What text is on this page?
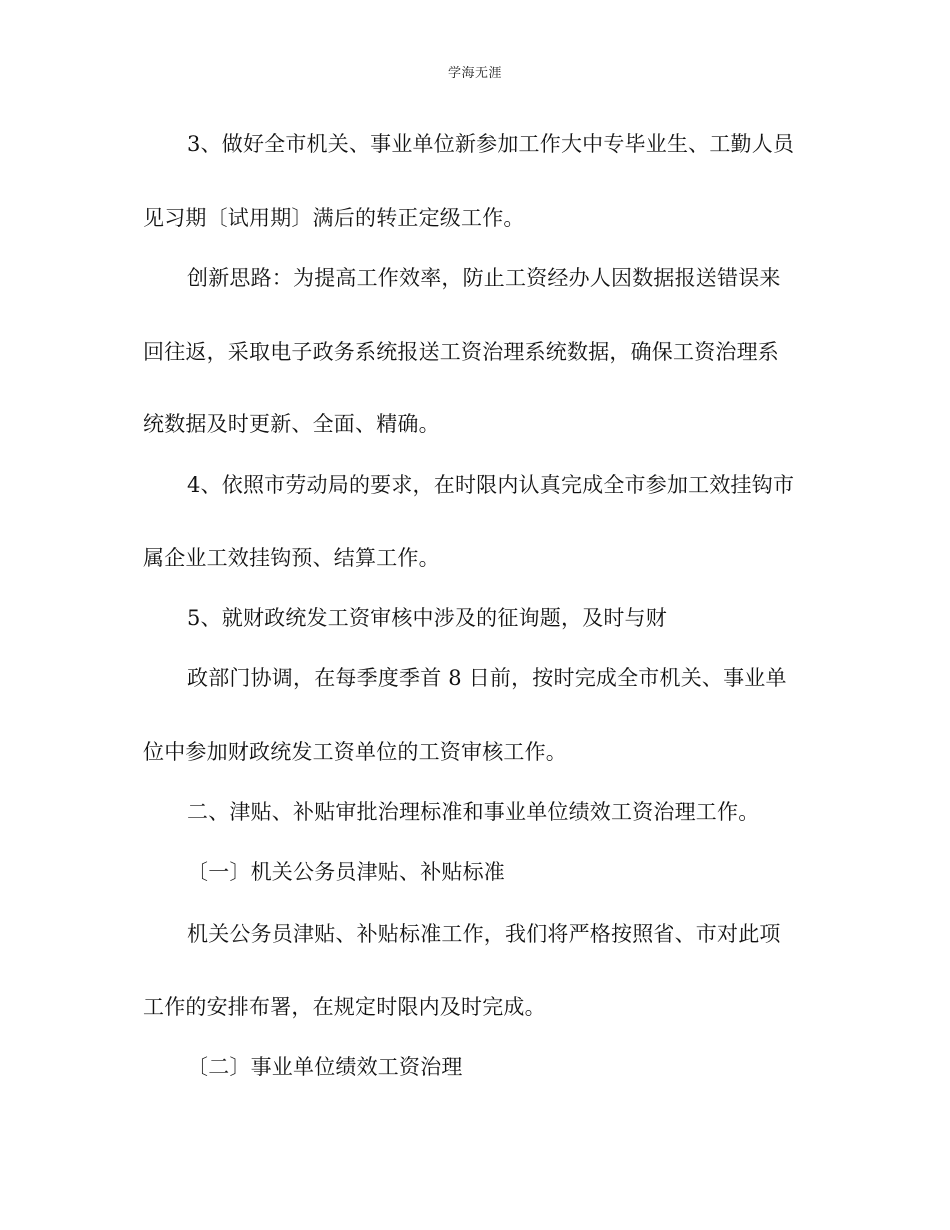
学海无涯
3、做好全市机关、事业单位新参加工作大中专毕业生、工勤人员
见习期〔试用期〕满后的转正定级工作。
创新思路：为提高工作效率，防止工资经办人因数据报送错误来
回往返，采取电子政务系统报送工资治理系统数据，确保工资治理系
统数据及时更新、全面、精确。
4、依照市劳动局的要求，在时限内认真完成全市参加工效挂钩市
属企业工效挂钩预、结算工作。
5、就财政统发工资审核中涉及的征询题，及时与财
政部门协调，在每季度季首 8 日前，按时完成全市机关、事业单
位中参加财政统发工资单位的工资审核工作。
二、津贴、补贴审批治理标准和事业单位绩效工资治理工作。
〔一〕机关公务员津贴、补贴标准
机关公务员津贴、补贴标准工作，我们将严格按照省、市对此项
工作的安排布署，在规定时限内及时完成。
〔二〕事业单位绩效工资治理
